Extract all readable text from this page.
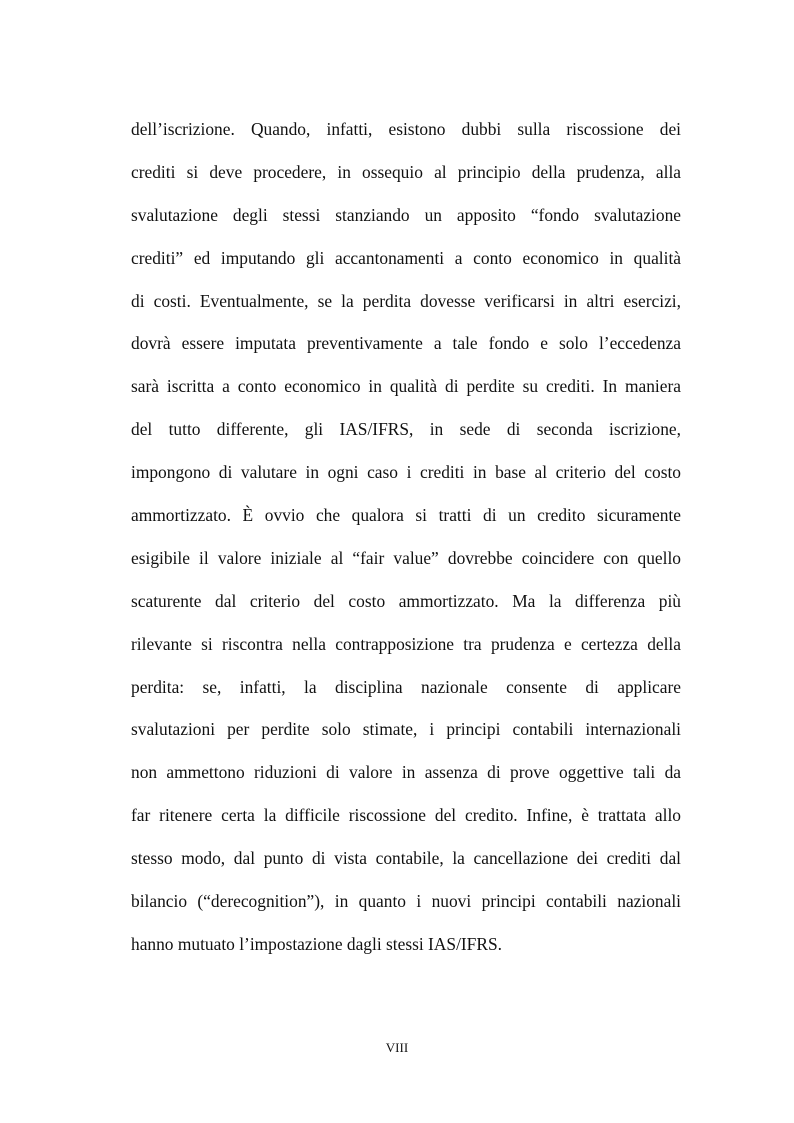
dell’iscrizione. Quando, infatti, esistono dubbi sulla riscossione dei
crediti si deve procedere, in ossequio al principio della prudenza, alla
svalutazione degli stessi stanziando un apposito “fondo svalutazione
crediti” ed imputando gli accantonamenti a conto economico in qualità
di costi. Eventualmente, se la perdita dovesse verificarsi in altri esercizi,
dovrà essere imputata preventivamente a tale fondo e solo l’eccedenza
sarà iscritta a conto economico in qualità di perdite su crediti. In maniera
del tutto differente, gli IAS/IFRS, in sede di seconda iscrizione,
impongono di valutare in ogni caso i crediti in base al criterio del costo
ammortizzato. È ovvio che qualora si tratti di un credito sicuramente
esigibile il valore iniziale al “fair value” dovrebbe coincidere con quello
scaturente dal criterio del costo ammortizzato. Ma la differenza più
rilevante si riscontra nella contrapposizione tra prudenza e certezza della
perdita: se, infatti, la disciplina nazionale consente di applicare
svalutazioni per perdite solo stimate, i principi contabili internazionali
non ammettono riduzioni di valore in assenza di prove oggettive tali da
far ritenere certa la difficile riscossione del credito. Infine, è trattata allo
stesso modo, dal punto di vista contabile, la cancellazione dei crediti dal
bilancio (“derecognition”), in quanto i nuovi principi contabili nazionali
hanno mutuato l’impostazione dagli stessi IAS/IFRS.
VIII
